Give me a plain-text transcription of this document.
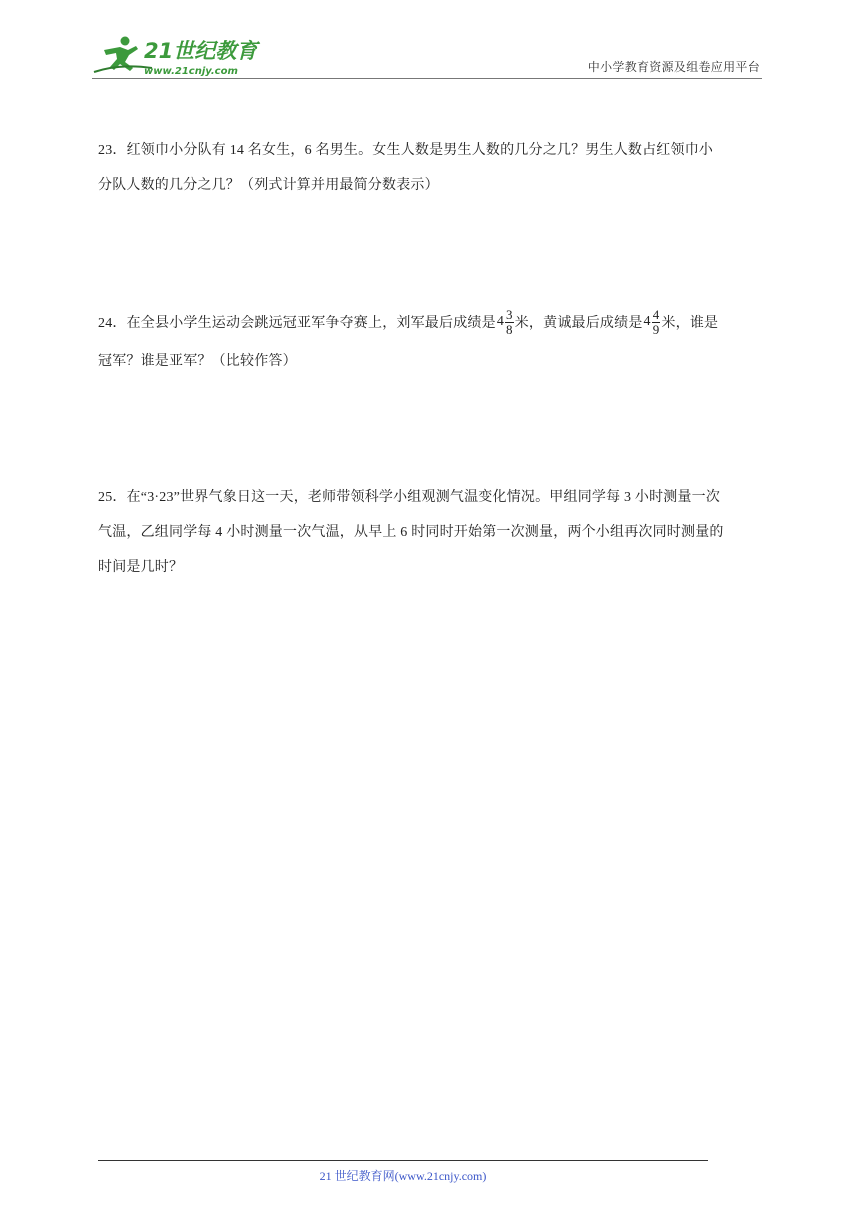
21世纪教育
www.21cnjy.com	中小学教育资源及组卷应用平台
23．红领巾小分队有 14 名女生，6 名男生。女生人数是男生人数的几分之几？男生人数占红领巾小
分队人数的几分之几？（列式计算并用最简分数表示）
24．在全县小学生运动会跳远冠亚军争夺赛上，刘军最后成绩是 $4 \frac{3}{8}$ 米，黄诚最后成绩是 $4 \frac{4}{9}$ 米，谁是
冠军？谁是亚军？（比较作答）
25．在“3·23”世界气象日这一天，老师带领科学小组观测气温变化情况。甲组同学每 3 小时测量一次
气温，乙组同学每 4 小时测量一次气温，从早上 6 时同时开始第一次测量，两个小组再次同时测量的
时间是几时？
21 世纪教育网(www.21cnjy.com)
